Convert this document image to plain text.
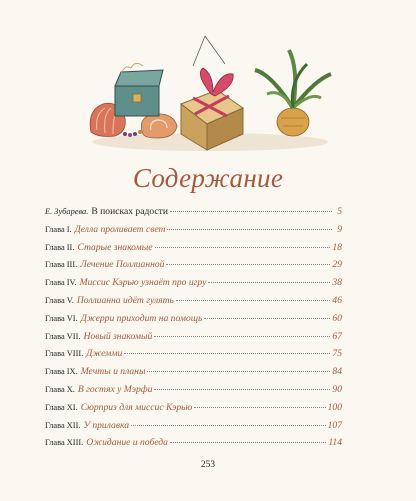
Содержание
Е. Зубарева. В поисках радости	5
Глава I. Делла проливает свет	9
Глава II. Старые знакомые	18
Глава III. Лечение Поллианной	29
Глава IV. Миссис Кэрью узнаёт про игру	38
Глава V. Поллианна идёт гулять	46
Глава VI. Джерри приходит на помощь	60
Глава VII. Новый знакомый	67
Глава VIII. Джемми	75
Глава IX. Мечты и планы	84
Глава X. В гостях у Мэрфи	90
Глава XI. Сюрприз для миссис Кэрью	100
Глава XII. У прилавка	107
Глава XIII. Ожидание и победа	114
253
